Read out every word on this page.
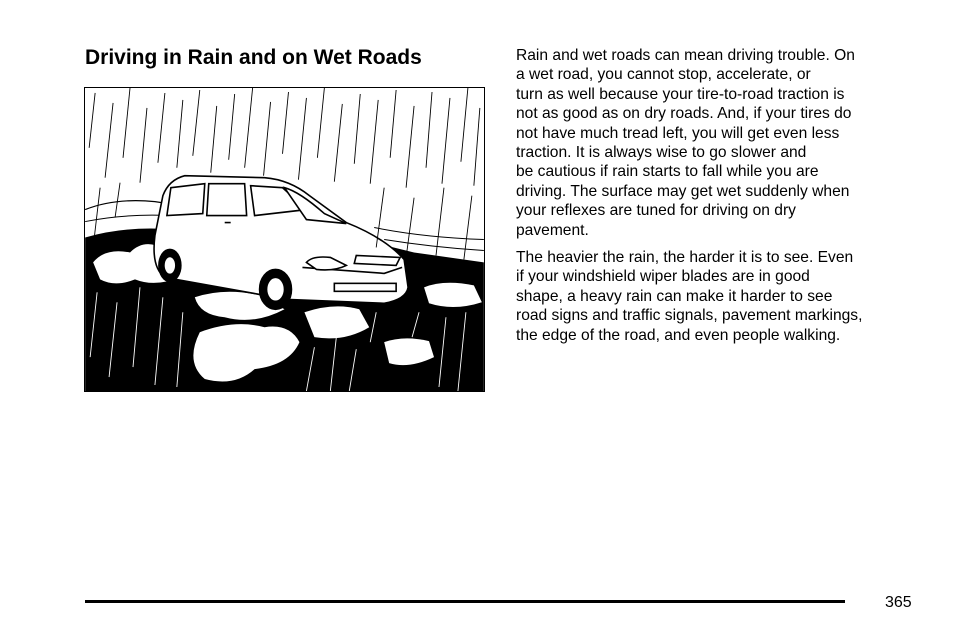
Driving in Rain and on Wet Roads	Rain and wet roads can mean driving trouble. On
a wet road, you cannot stop, accelerate, or
turn as well because your tire-to-road traction is
not as good as on dry roads. And, if your tires do
not have much tread left, you will get even less
traction. It is always wise to go slower and
be cautious if rain starts to fall while you are
driving. The surface may get wet suddenly when
your reflexes are tuned for driving on dry
pavement.

The heavier the rain, the harder it is to see. Even
if your windshield wiper blades are in good
shape, a heavy rain can make it harder to see
road signs and traffic signals, pavement markings,
the edge of the road, and even people walking.

365
